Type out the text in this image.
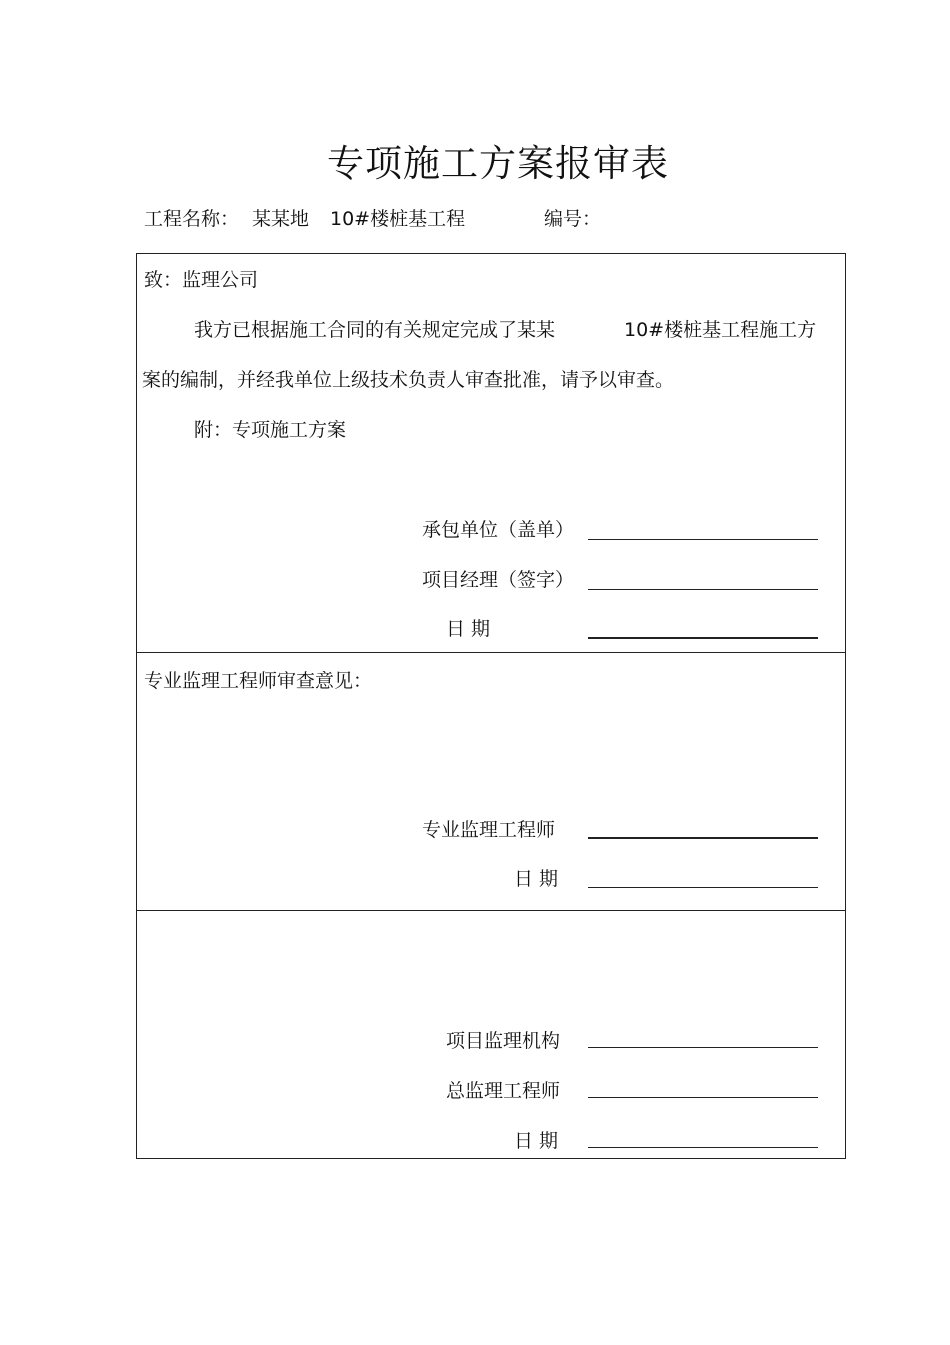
专项施工方案报审表
工程名称： 某某地 10#楼桩基工程	编号：
致：监理公司
我方已根据施工合同的有关规定完成了某某	10#楼桩基工程施工方
案的编制，并经我单位上级技术负责人审查批准，请予以审查。
附：专项施工方案
承包单位（盖单）
项目经理（签字）
日 期
专业监理工程师审查意见：
专业监理工程师
日 期
项目监理机构
总监理工程师
日 期
